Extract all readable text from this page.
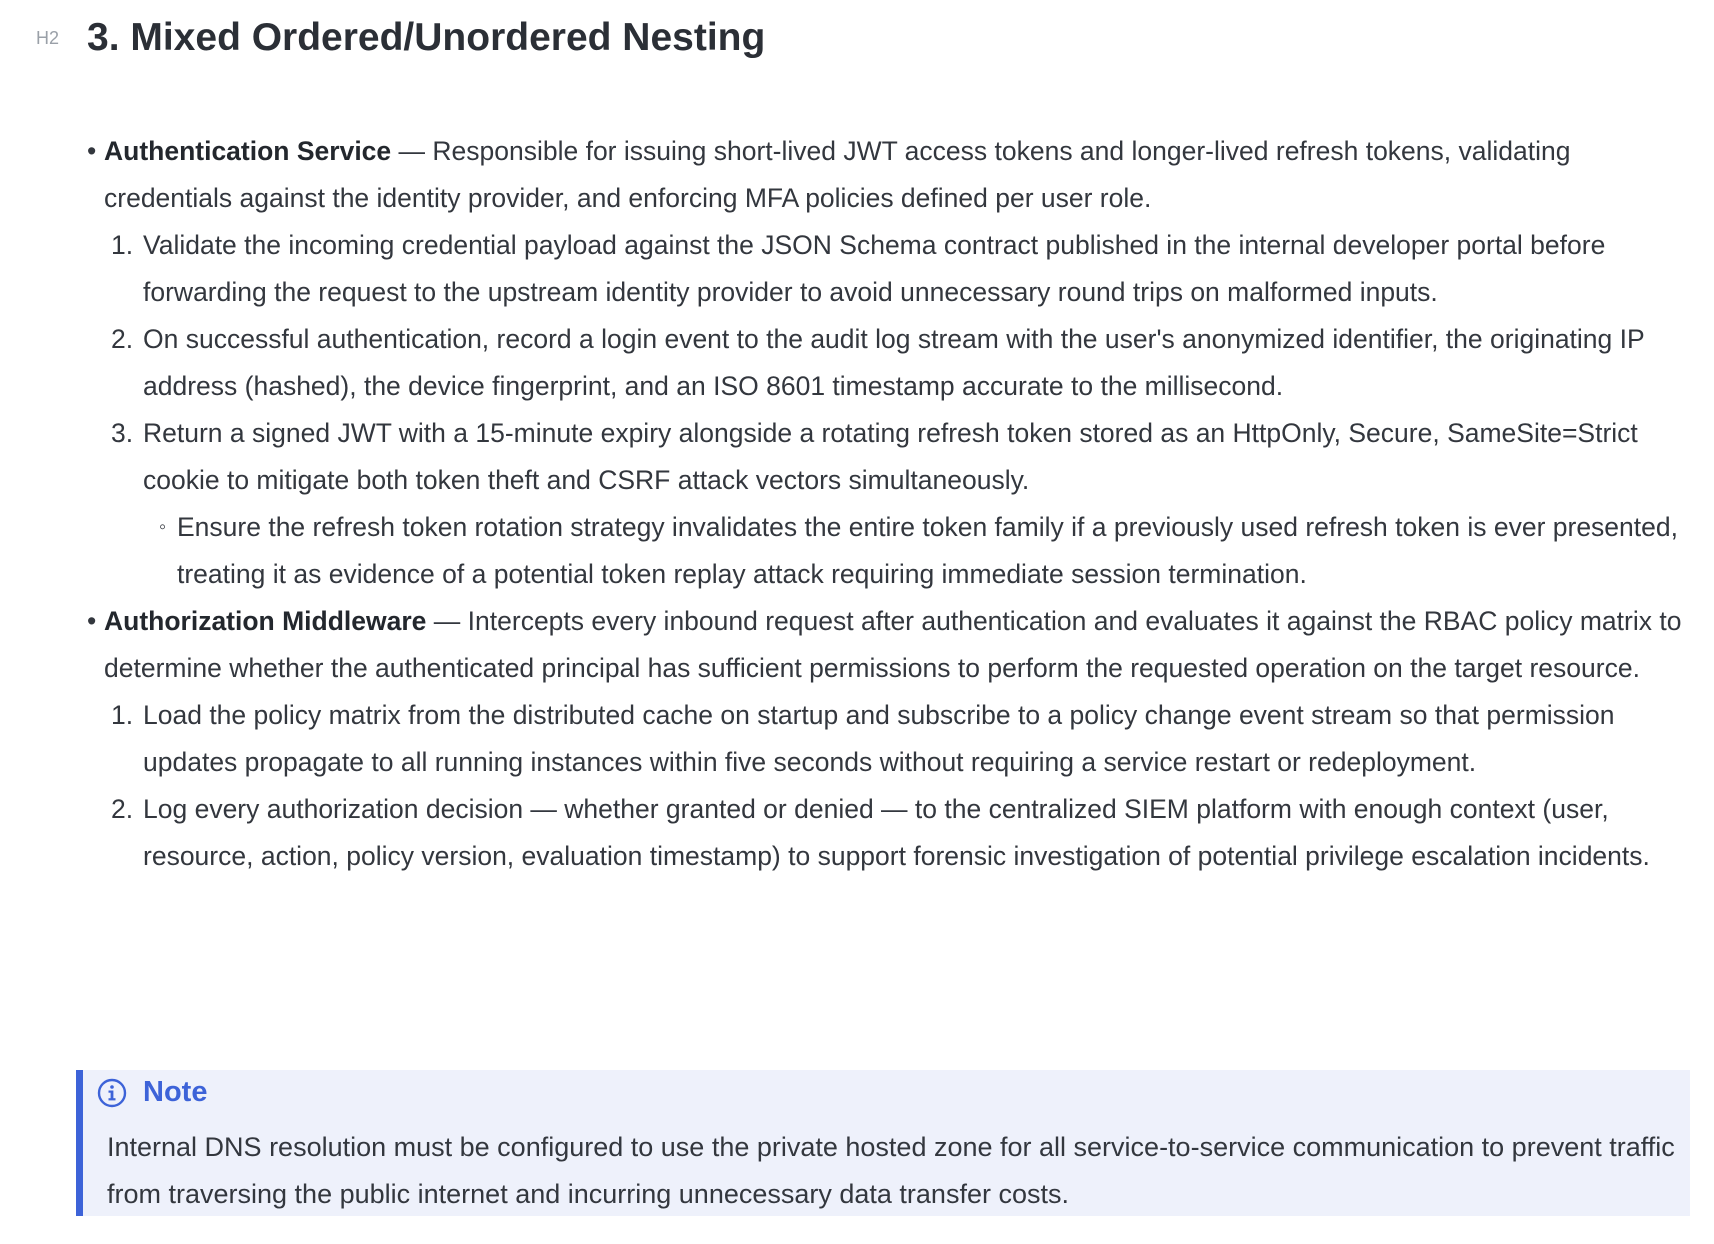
H2 3. Mixed Ordered/Unordered Nesting
• Authentication Service — Responsible for issuing short-lived JWT access tokens and longer-lived refresh tokens, validating credentials against the identity provider, and enforcing MFA policies defined per user role.
1. Validate the incoming credential payload against the JSON Schema contract published in the internal developer portal before forwarding the request to the upstream identity provider to avoid unnecessary round trips on malformed inputs.
2. On successful authentication, record a login event to the audit log stream with the user's anonymized identifier, the originating IP address (hashed), the device fingerprint, and an ISO 8601 timestamp accurate to the millisecond.
3. Return a signed JWT with a 15-minute expiry alongside a rotating refresh token stored as an HttpOnly, Secure, SameSite=Strict cookie to mitigate both token theft and CSRF attack vectors simultaneously.
◦ Ensure the refresh token rotation strategy invalidates the entire token family if a previously used refresh token is ever presented, treating it as evidence of a potential token replay attack requiring immediate session termination.
• Authorization Middleware — Intercepts every inbound request after authentication and evaluates it against the RBAC policy matrix to determine whether the authenticated principal has sufficient permissions to perform the requested operation on the target resource.
1. Load the policy matrix from the distributed cache on startup and subscribe to a policy change event stream so that permission updates propagate to all running instances within five seconds without requiring a service restart or redeployment.
2. Log every authorization decision — whether granted or denied — to the centralized SIEM platform with enough context (user, resource, action, policy version, evaluation timestamp) to support forensic investigation of potential privilege escalation incidents.
Note
Internal DNS resolution must be configured to use the private hosted zone for all service-to-service communication to prevent traffic from traversing the public internet and incurring unnecessary data transfer costs.
